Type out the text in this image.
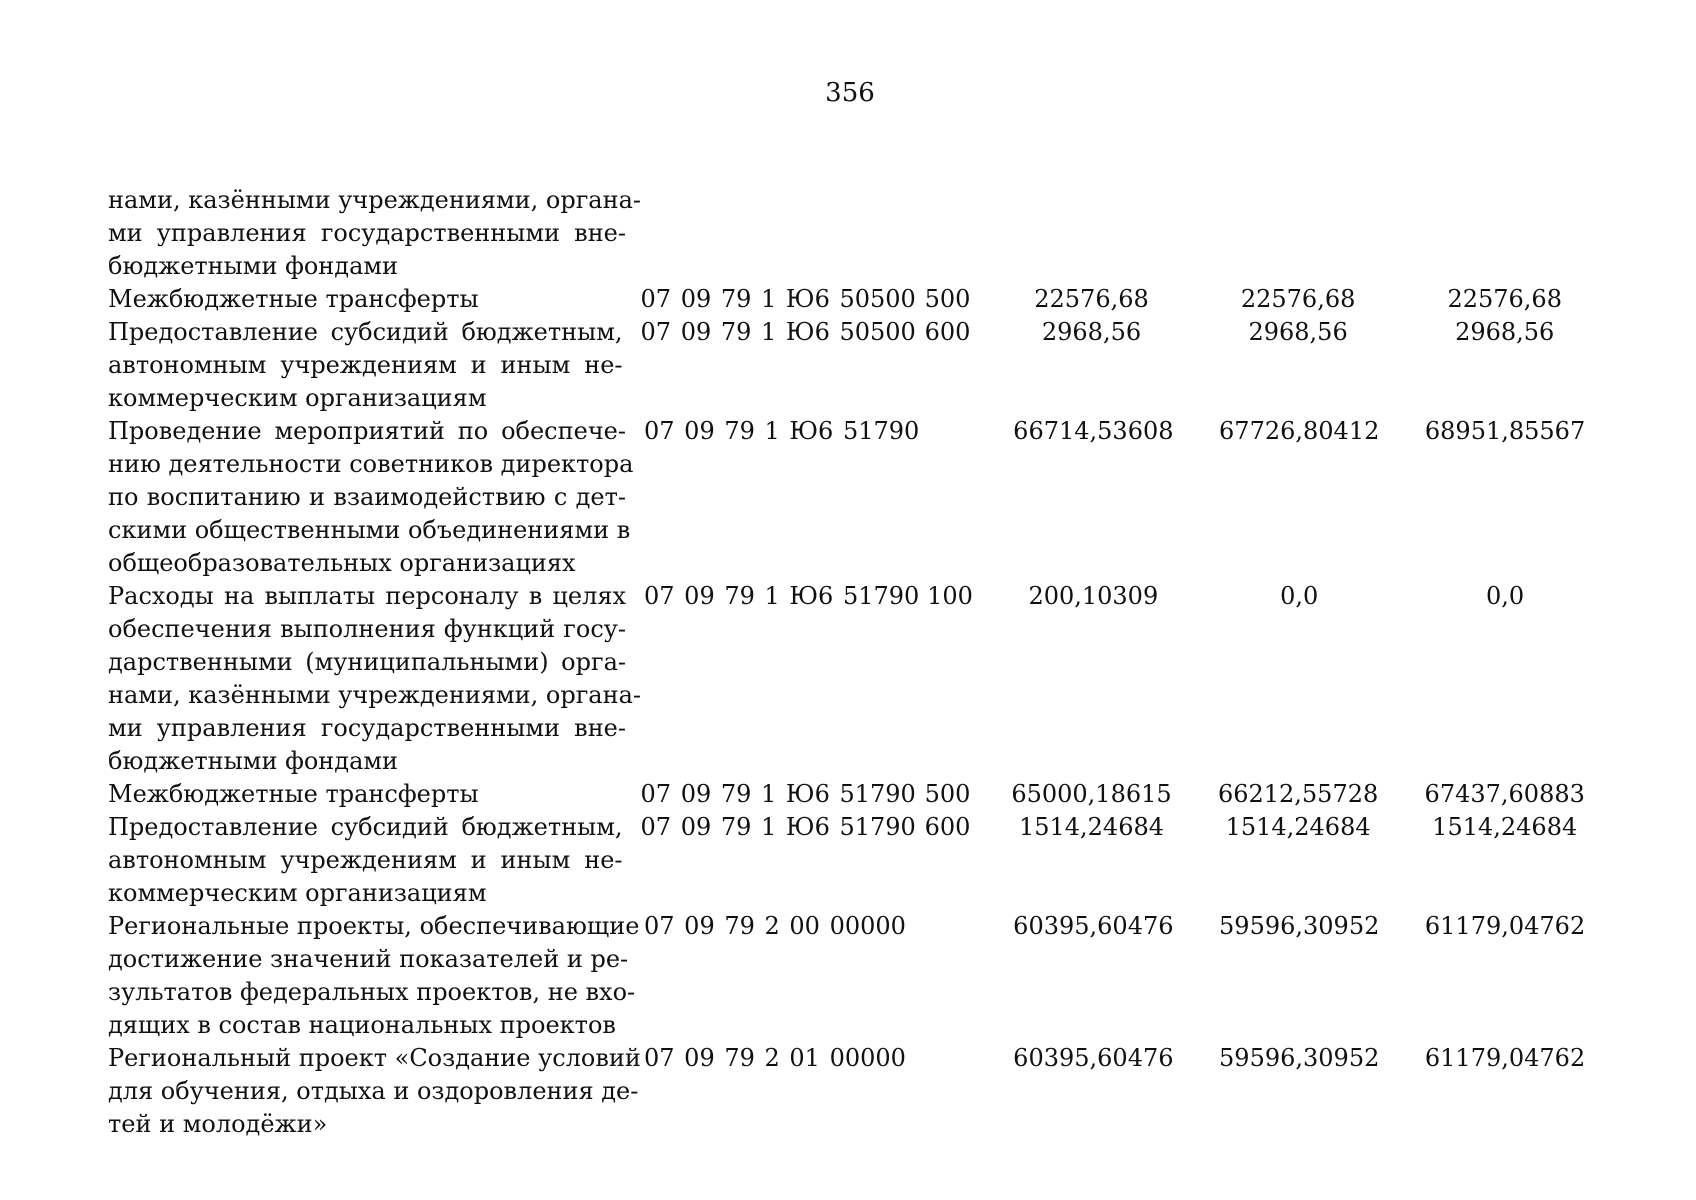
356
нами, казёнными учреждениями, органа-
ми управления государственными вне-
бюджетными фондами
Межбюджетные трансферты	07 09 79 1 Ю6 50500 500	22576,68	22576,68	22576,68
Предоставление субсидий бюджетным,
автономным учреждениям и иным не-
коммерческим организациям
07 09 79 1 Ю6 50500 600	2968,56	2968,56	2968,56
Проведение мероприятий по обеспече-
нию деятельности советников директора
по воспитанию и взаимодействию с дет-
скими общественными объединениями в
общеобразовательных организациях
07 09 79 1 Ю6 51790	66714,53608	67726,80412	68951,85567
Расходы на выплаты персоналу в целях
обеспечения выполнения функций госу-
дарственными (муниципальными) орга-
нами, казёнными учреждениями, органа-
ми управления государственными вне-
бюджетными фондами
07 09 79 1 Ю6 51790 100	200,10309	0,0	0,0
Межбюджетные трансферты	07 09 79 1 Ю6 51790 500	65000,18615	66212,55728	67437,60883
Предоставление субсидий бюджетным,
автономным учреждениям и иным не-
коммерческим организациям
07 09 79 1 Ю6 51790 600	1514,24684	1514,24684	1514,24684
Региональные проекты, обеспечивающие
достижение значений показателей и ре-
зультатов федеральных проектов, не вхо-
дящих в состав национальных проектов
07 09 79 2 00 00000	60395,60476	59596,30952	61179,04762
Региональный проект «Создание условий
для обучения, отдыха и оздоровления де-
тей и молодёжи»
07 09 79 2 01 00000	60395,60476	59596,30952	61179,04762
